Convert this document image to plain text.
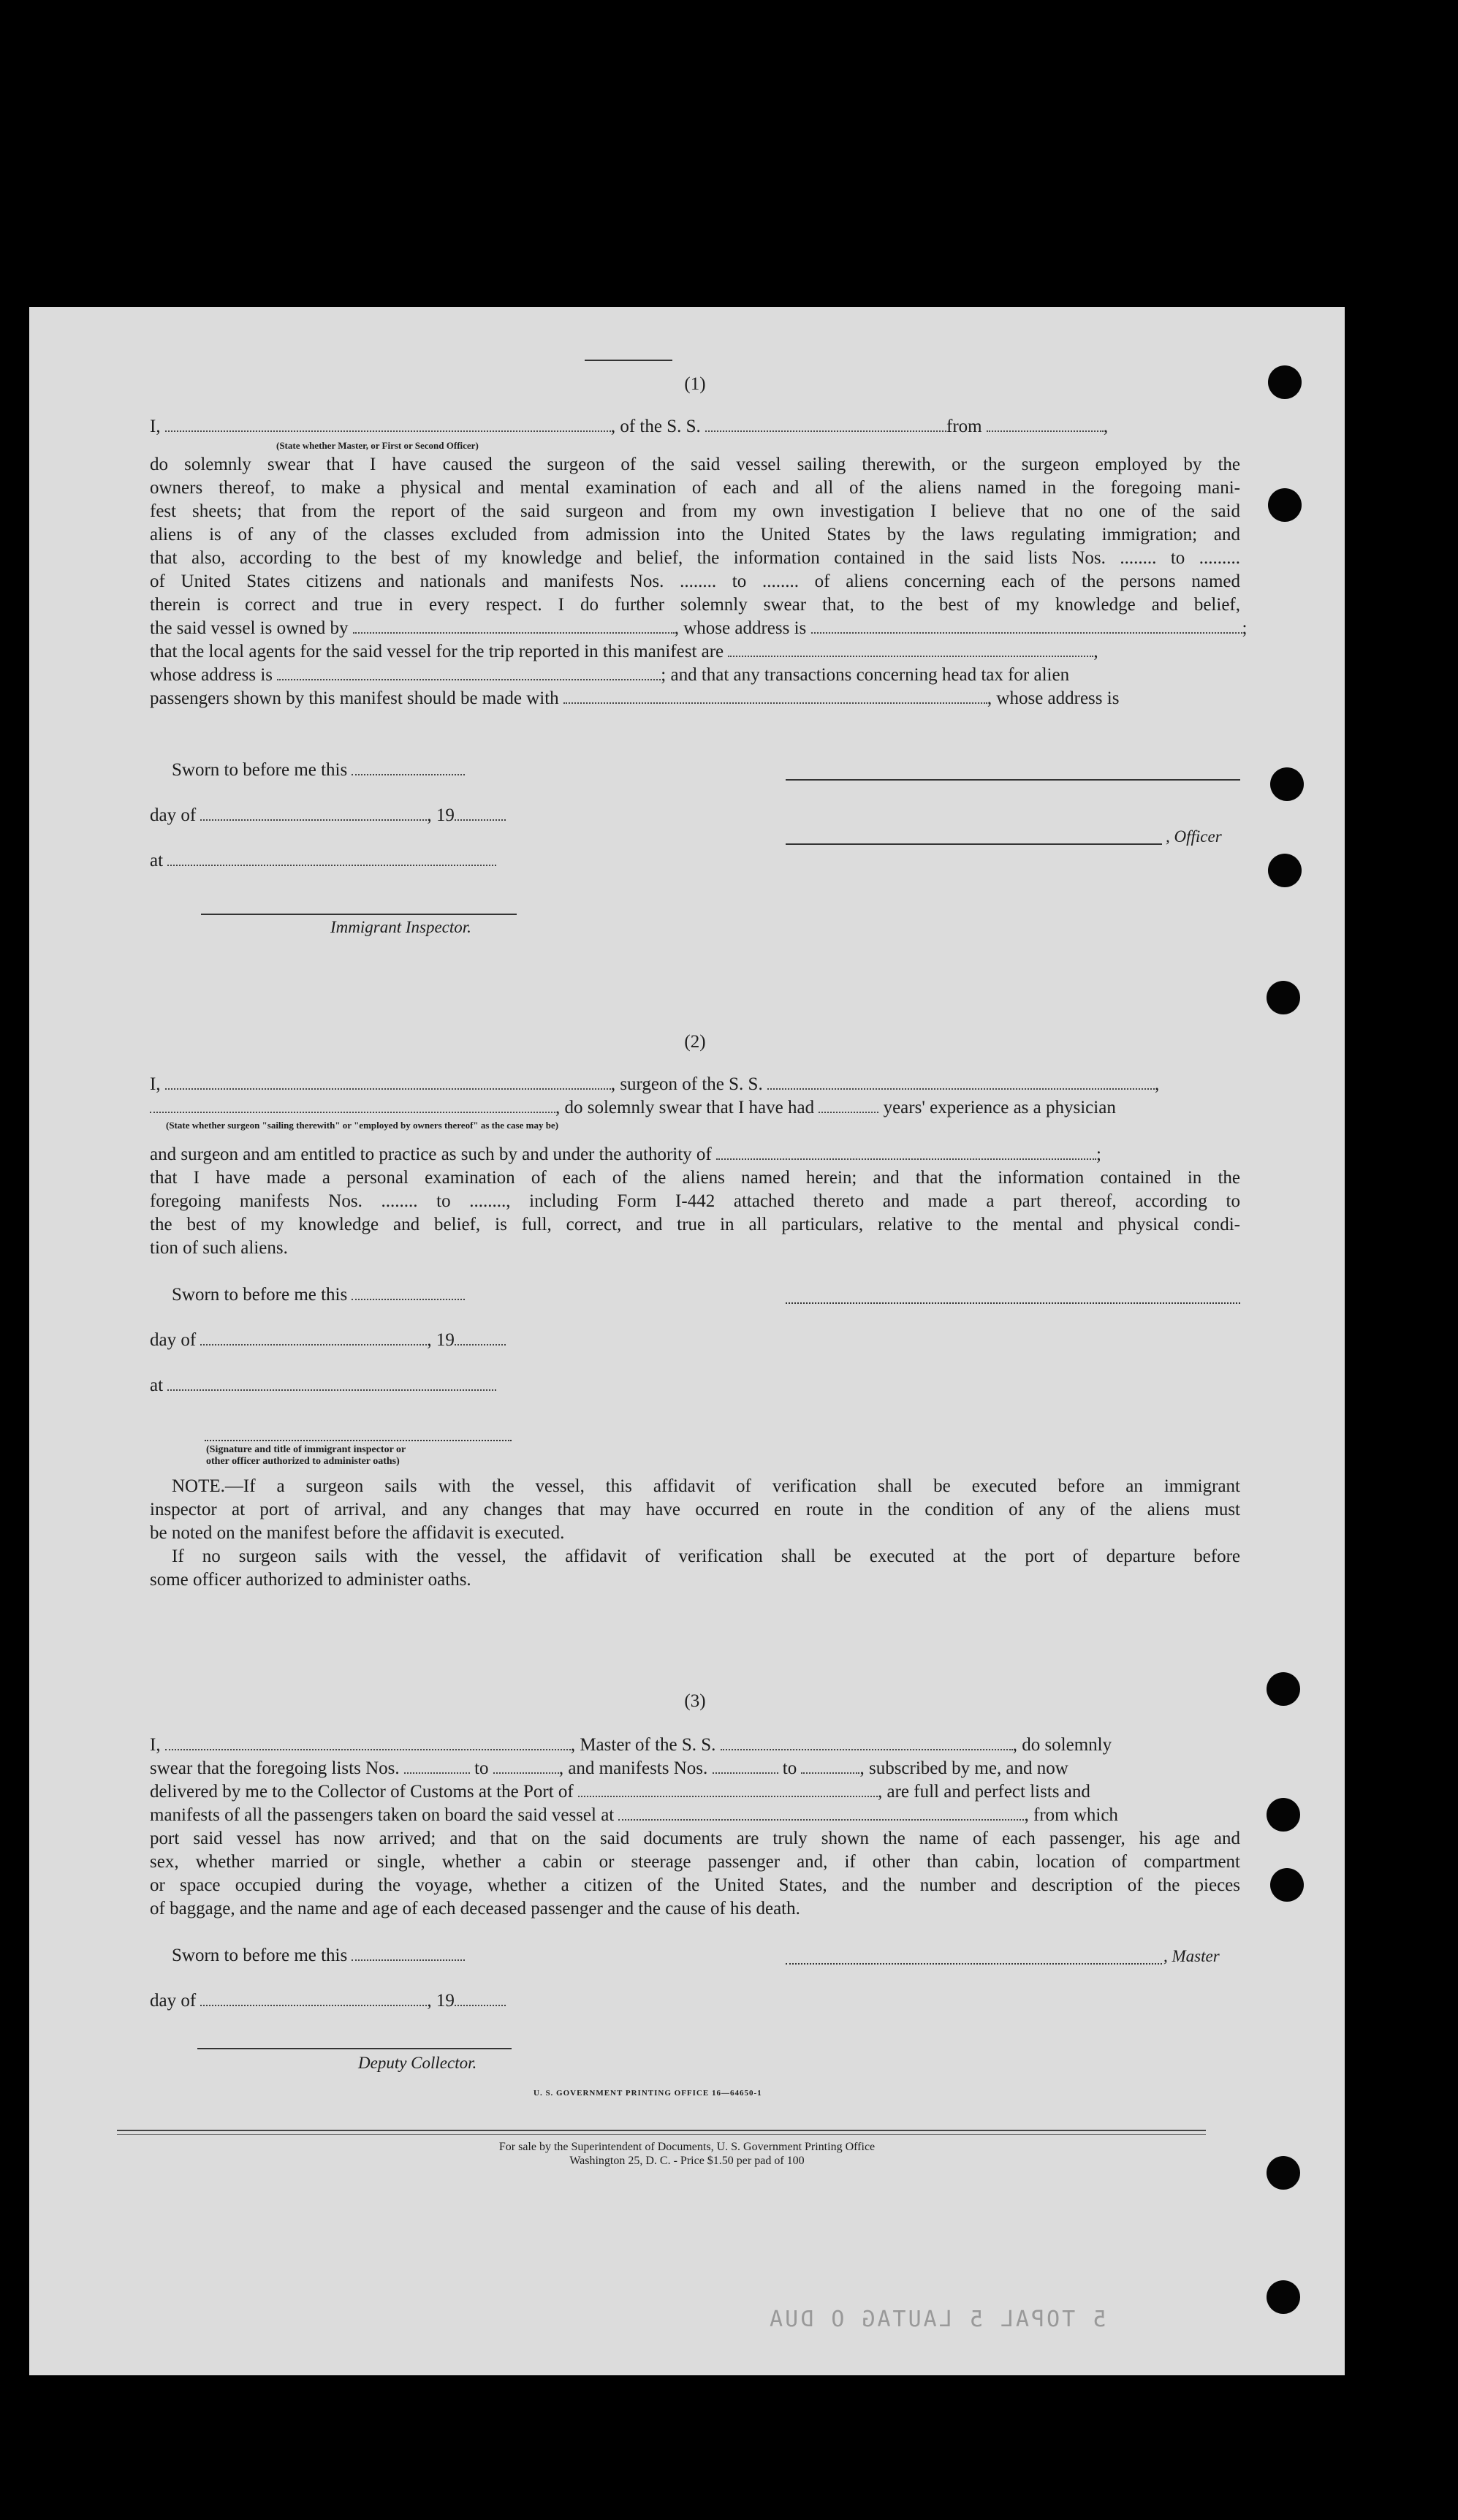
(1)
I,	, of the S. S.	from	,
(State whether Master, or First or Second Officer)
do solemnly swear that I have caused the surgeon of the said vessel sailing therewith, or the surgeon employed by the
owners thereof, to make a physical and mental examination of each and all of the aliens named in the foregoing mani-
fest sheets; that from the report of the said surgeon and from my own investigation I believe that no one of the said
aliens is of any of the classes excluded from admission into the United States by the laws regulating immigration; and
that also, according to the best of my knowledge and belief, the information contained in the said lists Nos. ........ to .........
of United States citizens and nationals and manifests Nos. ........ to ........ of aliens concerning each of the persons named
therein is correct and true in every respect. I do further solemnly swear that, to the best of my knowledge and belief,
the said vessel is owned by	, whose address is	;
that the local agents for the said vessel for the trip reported in this manifest are	,
whose address is	; and that any transactions concerning head tax for alien
passengers shown by this manifest should be made with	, whose address is
Sworn to before me this
day of	, 19
, Officer
at
Immigrant Inspector.
(2)
I,	, surgeon of the S. S.	,
, do solemnly swear that I have had	years' experience as a physician
(State whether surgeon "sailing therewith" or "employed by owners thereof" as the case may be)
and surgeon and am entitled to practice as such by and under the authority of	;
that I have made a personal examination of each of the aliens named herein; and that the information contained in the
foregoing manifests Nos. ........ to ........, including Form I-442 attached thereto and made a part thereof, according to
the best of my knowledge and belief, is full, correct, and true in all particulars, relative to the mental and physical condi-
tion of such aliens.
Sworn to before me this
day of	, 19
at
(Signature and title of immigrant inspector or
other officer authorized to administer oaths)
NOTE.—If a surgeon sails with the vessel, this affidavit of verification shall be executed before an immigrant
inspector at port of arrival, and any changes that may have occurred en route in the condition of any of the aliens must
be noted on the manifest before the affidavit is executed.
If no surgeon sails with the vessel, the affidavit of verification shall be executed at the port of departure before
some officer authorized to administer oaths.
(3)
I,	, Master of the S. S.	, do solemnly
swear that the foregoing lists Nos.	to	, and manifests Nos.	to	, subscribed by me, and now
delivered by me to the Collector of Customs at the Port of	, are full and perfect lists and
manifests of all the passengers taken on board the said vessel at	, from which
port said vessel has now arrived; and that on the said documents are truly shown the name of each passenger, his age and
sex, whether married or single, whether a cabin or steerage passenger and, if other than cabin, location of compartment
or space occupied during the voyage, whether a citizen of the United States, and the number and description of the pieces
of baggage, and the name and age of each deceased passenger and the cause of his death.
Sworn to before me this	, Master
day of	, 19
Deputy Collector.
U. S. GOVERNMENT PRINTING OFFICE 16—64650-1
For sale by the Superintendent of Documents, U. S. Government Printing Office
Washington 25, D. C. - Price $1.50 per pad of 100
5 TOPAL 5 LAUTAG O DUA
